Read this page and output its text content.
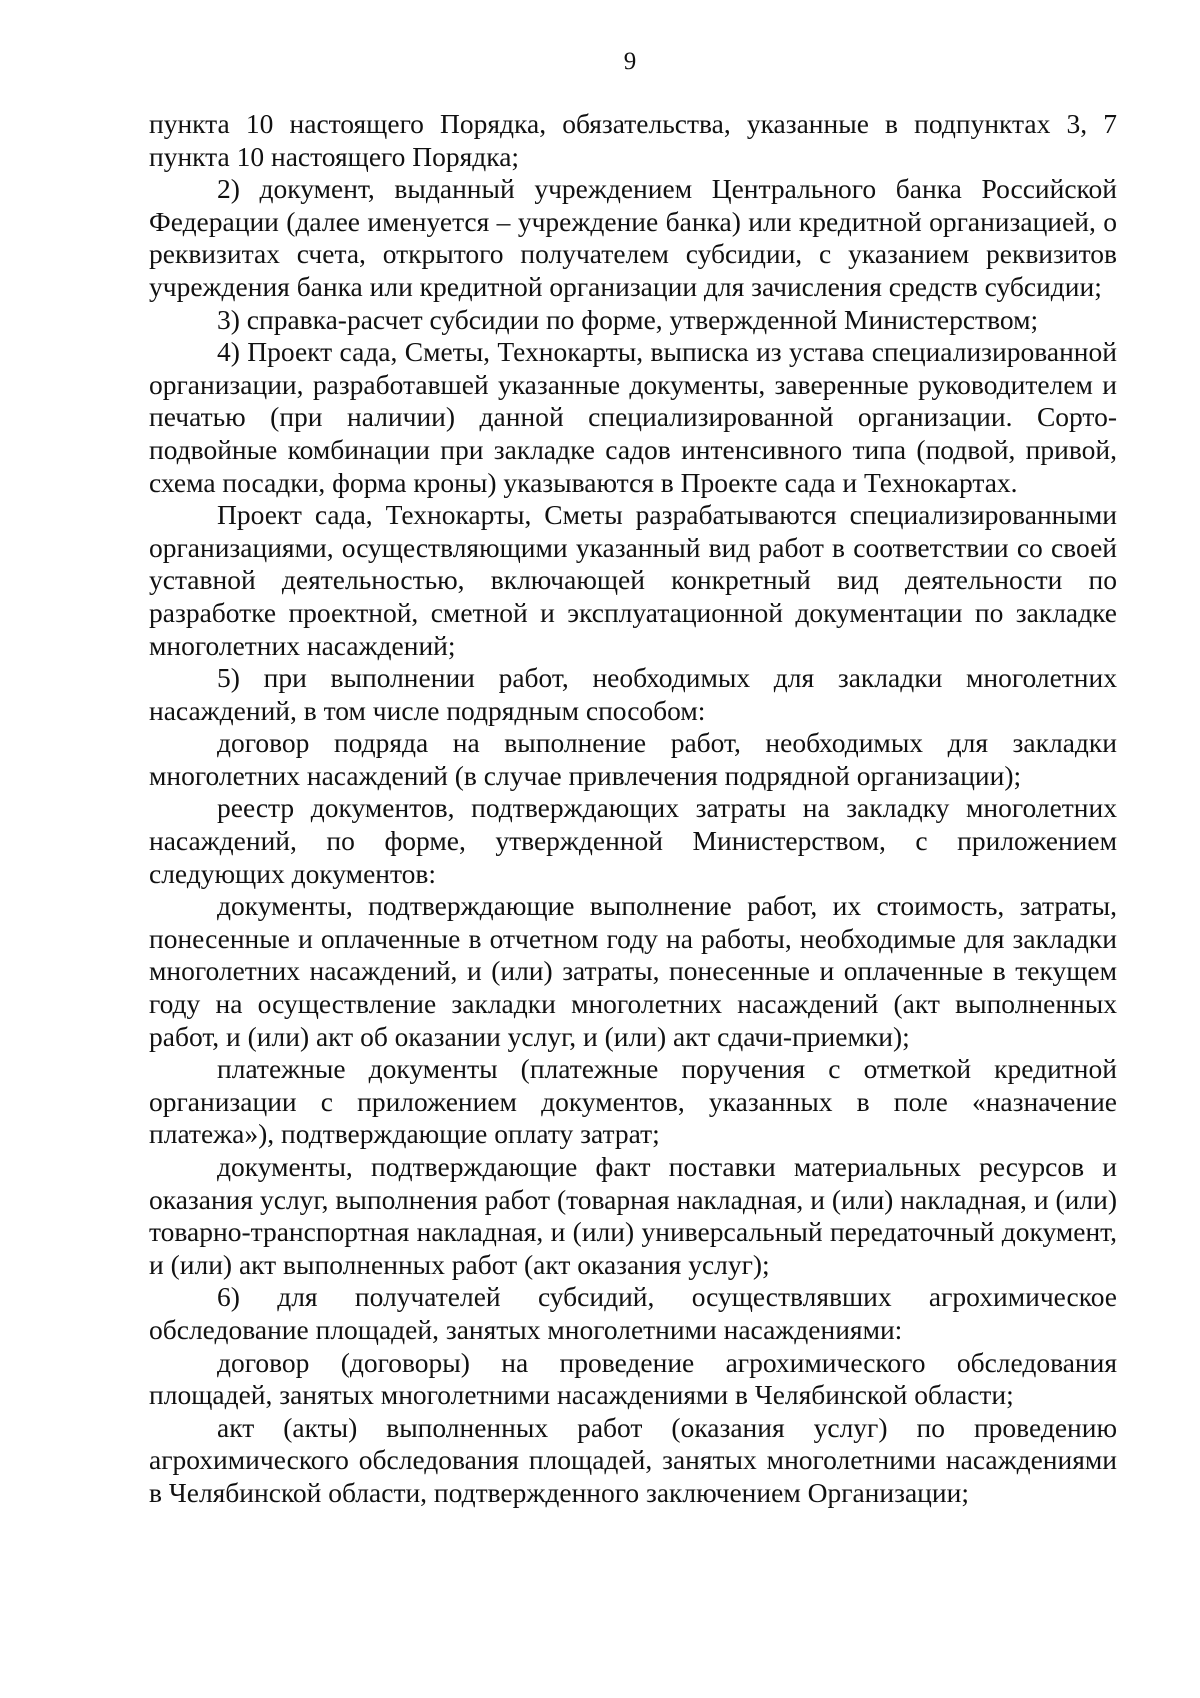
9

пункта 10 настоящего Порядка, обязательства, указанные в подпунктах 3, 7 пункта 10 настоящего Порядка;

2) документ, выданный учреждением Центрального банка Российской Федерации (далее именуется – учреждение банка) или кредитной организацией, о реквизитах счета, открытого получателем субсидии, с указанием реквизитов учреждения банка или кредитной организации для зачисления средств субсидии;

3) справка-расчет субсидии по форме, утвержденной Министерством;

4) Проект сада, Сметы, Технокарты, выписка из устава специализированной организации, разработавшей указанные документы, заверенные руководителем и печатью (при наличии) данной специализированной организации. Сорто-подвойные комбинации при закладке садов интенсивного типа (подвой, привой, схема посадки, форма кроны) указываются в Проекте сада и Технокартах.

Проект сада, Технокарты, Сметы разрабатываются специализированными организациями, осуществляющими указанный вид работ в соответствии со своей уставной деятельностью, включающей конкретный вид деятельности по разработке проектной, сметной и эксплуатационной документации по закладке многолетних насаждений;

5) при выполнении работ, необходимых для закладки многолетних насаждений, в том числе подрядным способом:

договор подряда на выполнение работ, необходимых для закладки многолетних насаждений (в случае привлечения подрядной организации);

реестр документов, подтверждающих затраты на закладку многолетних насаждений, по форме, утвержденной Министерством, с приложением следующих документов:

документы, подтверждающие выполнение работ, их стоимость, затраты, понесенные и оплаченные в отчетном году на работы, необходимые для закладки многолетних насаждений, и (или) затраты, понесенные и оплаченные в текущем году на осуществление закладки многолетних насаждений (акт выполненных работ, и (или) акт об оказании услуг, и (или) акт сдачи-приемки);

платежные документы (платежные поручения с отметкой кредитной организации с приложением документов, указанных в поле «назначение платежа»), подтверждающие оплату затрат;

документы, подтверждающие факт поставки материальных ресурсов и оказания услуг, выполнения работ (товарная накладная, и (или) накладная, и (или) товарно-транспортная накладная, и (или) универсальный передаточный документ, и (или) акт выполненных работ (акт оказания услуг);

6) для получателей субсидий, осуществлявших агрохимическое обследование площадей, занятых многолетними насаждениями:

договор (договоры) на проведение агрохимического обследования площадей, занятых многолетними насаждениями в Челябинской области;

акт (акты) выполненных работ (оказания услуг) по проведению агрохимического обследования площадей, занятых многолетними насаждениями в Челябинской области, подтвержденного заключением Организации;
